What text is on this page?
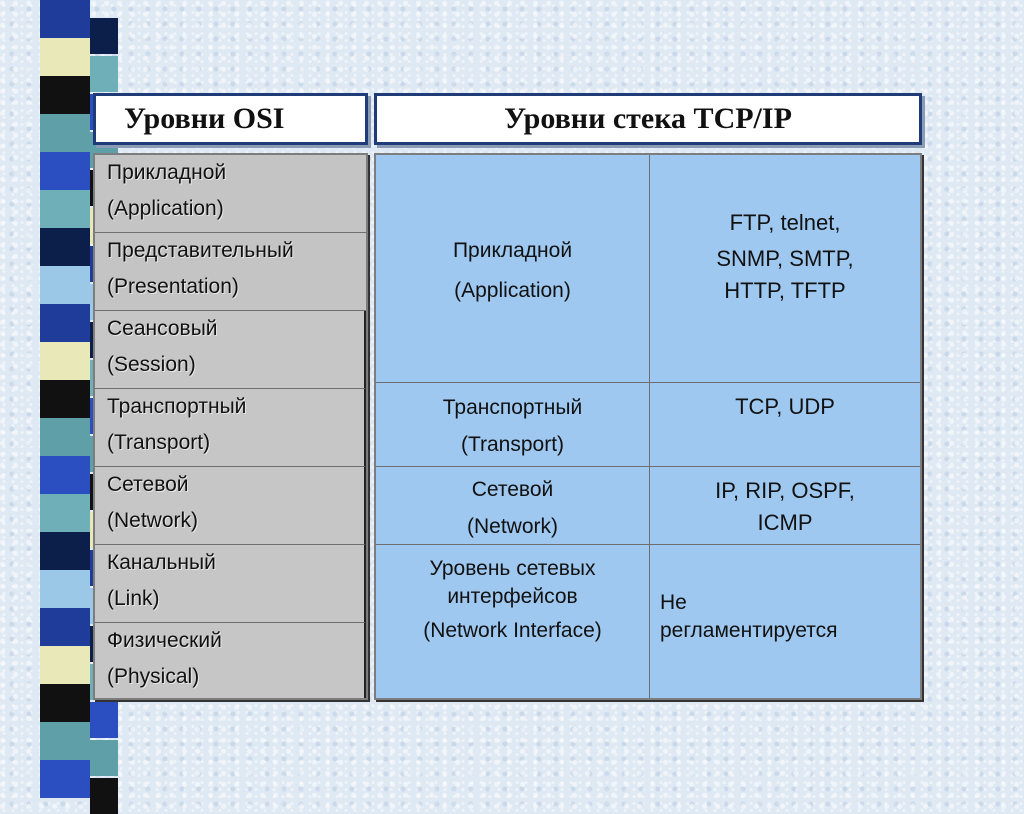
Уровни OSI	Уровни стека TCP/IP
Прикладной
(Application)
Представительный
(Presentation)
Сеансовый
(Session)
Транспортный
(Transport)
Сетевой
(Network)
Канальный
(Link)
Физический
(Physical)
Прикладной
(Application)
FTP, telnet,
SNMP, SMTP,
HTTP, TFTP
Транспортный
(Transport)
TCP, UDP
Сетевой
(Network)
IP, RIP, OSPF,
ICMP
Уровень сетевых
интерфейсов
(Network Interface)
Не
регламентируется
